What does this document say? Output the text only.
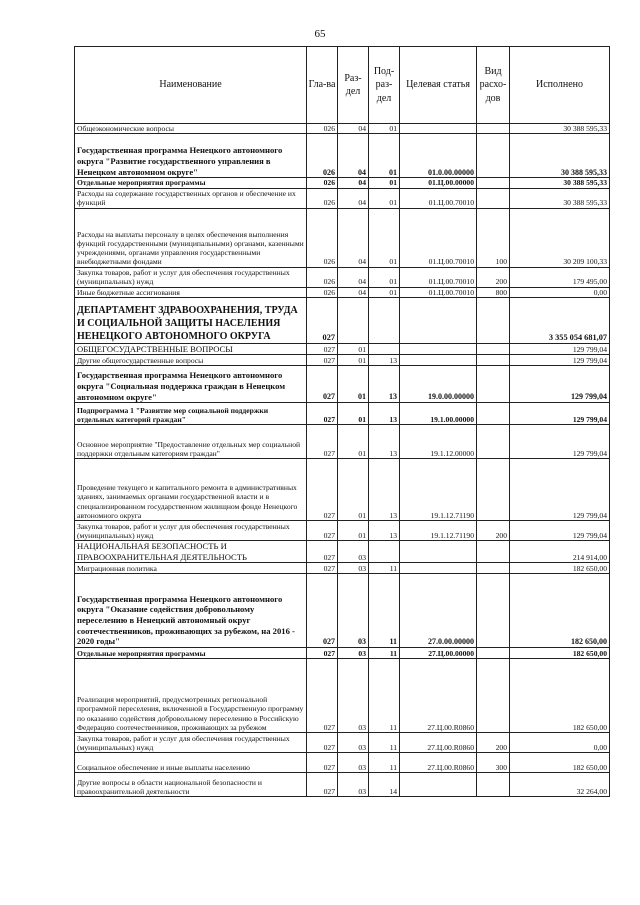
65
Наименование	Гла-ва	Раз-дел	Под-раз-дел	Целевая статья	Вид расхо-дов	Исполнено
Общеэкономические вопросы	026	04	01			30 388 595,33
Государственная программа Ненецкого автономного округа "Развитие государственного управления в Ненецком автономном округе"	026	04	01	01.0.00.00000		30 388 595,33
Отдельные мероприятия программы	026	04	01	01.Ц.00.00000		30 388 595,33
Расходы на содержание государственных органов и обеспечение их функций	026	04	01	01.Ц.00.70010		30 388 595,33
Расходы на выплаты персоналу в целях обеспечения выполнения функций государственными (муниципальными) органами, казенными учреждениями, органами управления государственными внебюджетными фондами	026	04	01	01.Ц.00.70010	100	30 209 100,33
Закупка товаров, работ и услуг для обеспечения государственных (муниципальных) нужд	026	04	01	01.Ц.00.70010	200	179 495,00
Иные бюджетные ассигнования	026	04	01	01.Ц.00.70010	800	0,00
ДЕПАРТАМЕНТ ЗДРАВООХРАНЕНИЯ, ТРУДА И СОЦИАЛЬНОЙ ЗАЩИТЫ НАСЕЛЕНИЯ НЕНЕЦКОГО АВТОНОМНОГО ОКРУГА	027					3 355 054 681,07
ОБЩЕГОСУДАРСТВЕННЫЕ ВОПРОСЫ	027	01				129 799,04
Другие общегосударственные вопросы	027	01	13			129 799,04
Государственная программа Ненецкого автономного округа "Социальная поддержка граждан в Ненецком автономном округе"	027	01	13	19.0.00.00000		129 799,04
Подпрограмма 1 "Развитие мер социальной поддержки отдельных категорий граждан"	027	01	13	19.1.00.00000		129 799,04
Основное мероприятие "Предоставление отдельных мер социальной поддержки отдельным категориям граждан"	027	01	13	19.1.12.00000		129 799,04
Проведение текущего и капитального ремонта в административных зданиях, занимаемых органами государственной власти и в специализированном государственном жилищном фонде Ненецкого автономного округа	027	01	13	19.1.12.71190		129 799,04
Закупка товаров, работ и услуг для обеспечения государственных (муниципальных) нужд	027	01	13	19.1.12.71190	200	129 799,04
НАЦИОНАЛЬНАЯ БЕЗОПАСНОСТЬ И ПРАВООХРАНИТЕЛЬНАЯ ДЕЯТЕЛЬНОСТЬ	027	03				214 914,00
Миграционная политика	027	03	11			182 650,00
Государственная программа Ненецкого автономного округа "Оказание содействия добровольному переселению в Ненецкий автономный округ соотечественников, проживающих за рубежом, на 2016 - 2020 годы"	027	03	11	27.0.00.00000		182 650,00
Отдельные мероприятия программы	027	03	11	27.Ц.00.00000		182 650,00
Реализация мероприятий, предусмотренных региональной программой переселения, включенной в Государственную программу по оказанию содействия добровольному переселению в Российскую Федерацию соотечественников, проживающих за рубежом	027	03	11	27.Ц.00.R0860		182 650,00
Закупка товаров, работ и услуг для обеспечения государственных (муниципальных) нужд	027	03	11	27.Ц.00.R0860	200	0,00
Социальное обеспечение и иные выплаты населению	027	03	11	27.Ц.00.R0860	300	182 650,00
Другие вопросы в области национальной безопасности и правоохранительной деятельности	027	03	14			32 264,00
